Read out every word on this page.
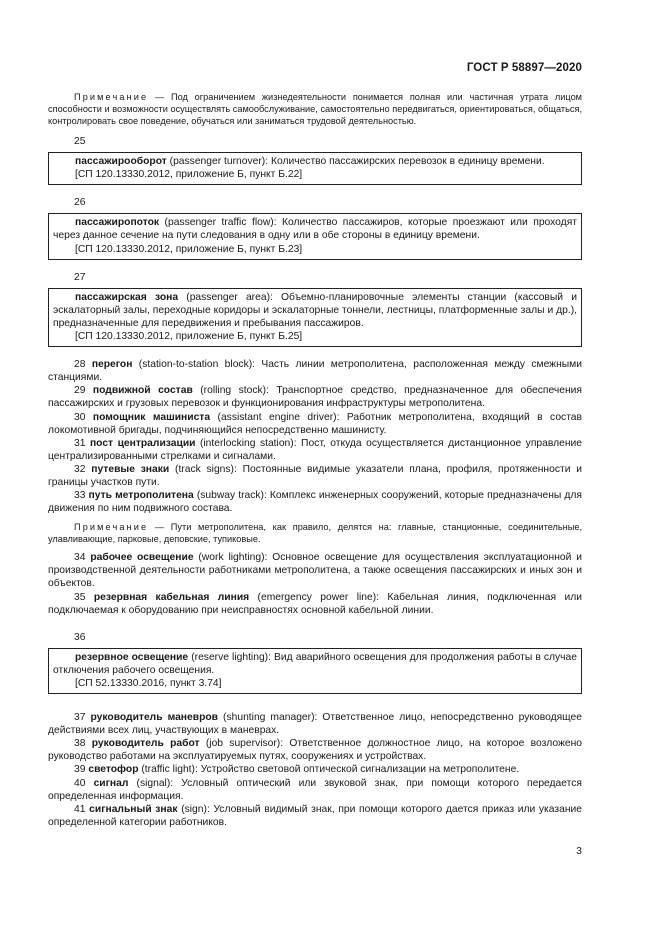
ГОСТ Р 58897—2020

Примечание — Под ограничением жизнедеятельности понимается полная или частичная утрата лицом способности и возможности осуществлять самообслуживание, самостоятельно передвигаться, ориентироваться, общаться, контролировать свое поведение, обучаться или заниматься трудовой деятельностью.

25

пассажирооборот (passenger turnover): Количество пассажирских перевозок в единицу времени.

[СП 120.13330.2012, приложение Б, пункт Б.22]

26

пассажиропоток (passenger traffic flow): Количество пассажиров, которые проезжают или проходят через данное сечение на пути следования в одну или в обе стороны в единицу времени.

[СП 120.13330.2012, приложение Б, пункт Б.23]

27

пассажирская зона (passenger area): Объемно-планировочные элементы станции (кассовый и эскалаторный залы, переходные коридоры и эскалаторные тоннели, лестницы, платформенные залы и др.), предназначенные для передвижения и пребывания пассажиров.

[СП 120.13330.2012, приложение Б, пункт Б.25]

28 перегон (station-to-station block): Часть линии метрополитена, расположенная между смежными станциями.

29 подвижной состав (rolling stock): Транспортное средство, предназначенное для обеспечения пассажирских и грузовых перевозок и функционирования инфраструктуры метрополитена.

30 помощник машиниста (assistant engine driver): Работник метрополитена, входящий в состав локомотивной бригады, подчиняющийся непосредственно машинисту.

31 пост централизации (interlocking station): Пост, откуда осуществляется дистанционное управление централизированными стрелками и сигналами.

32 путевые знаки (track signs): Постоянные видимые указатели плана, профиля, протяженности и границы участков пути.

33 путь метрополитена (subway track): Комплекс инженерных сооружений, которые предназначены для движения по ним подвижного состава.

Примечание — Пути метрополитена, как правило, делятся на: главные, станционные, соединительные, улавливающие, парковые, деповские, тупиковые.

34 рабочее освещение (work lighting): Основное освещение для осуществления эксплуатационной и производственной деятельности работниками метрополитена, а также освещения пассажирских и иных зон и объектов.

35 резервная кабельная линия (emergency power line): Кабельная линия, подключенная или подключаемая к оборудованию при неисправностях основной кабельной линии.

36

резервное освещение (reserve lighting): Вид аварийного освещения для продолжения работы в случае отключения рабочего освещения.

[СП 52.13330.2016, пункт 3.74]

37 руководитель маневров (shunting manager): Ответственное лицо, непосредственно руководящее действиями всех лиц, участвующих в маневрах.

38 руководитель работ (job supervisor): Ответственное должностное лицо, на которое возложено руководство работами на эксплуатируемых путях, сооружениях и устройствах.

39 светофор (traffic light): Устройство световой оптической сигнализации на метрополитене.

40 сигнал (signal): Условный оптический или звуковой знак, при помощи которого передается определенная информация.

41 сигнальный знак (sign): Условный видимый знак, при помощи которого дается приказ или указание определенной категории работников.

3
